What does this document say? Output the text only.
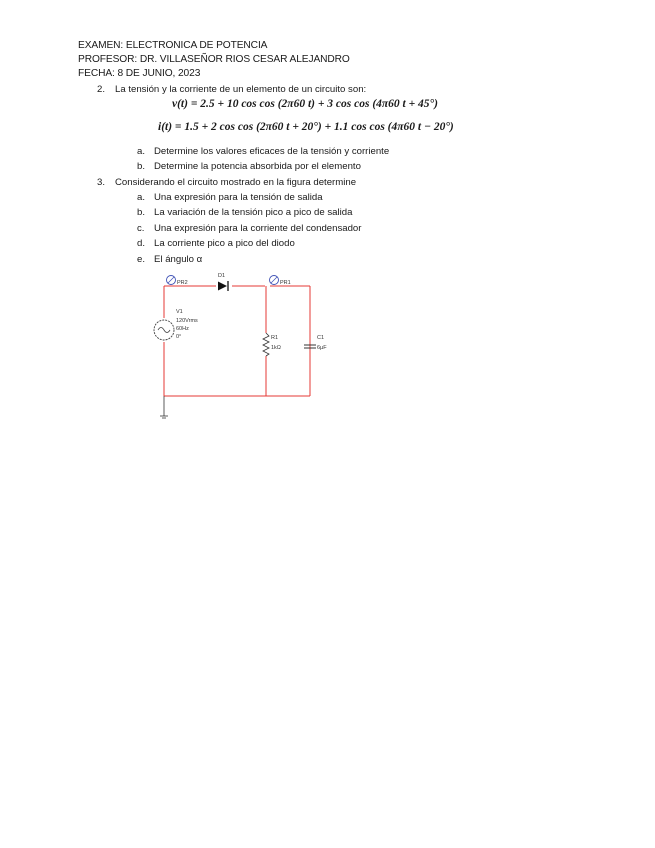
EXAMEN: ELECTRONICA DE POTENCIA
PROFESOR: DR. VILLASEÑOR RIOS CESAR ALEJANDRO
FECHA: 8 DE JUNIO, 2023
2. La tensión y la corriente de un elemento de un circuito son:
v(t) = 2.5 + 10 cos cos (2π60 t) + 3 cos cos (4π60 t + 45°)
i(t) = 1.5 + 2 cos cos (2π60 t + 20°) + 1.1 cos cos (4π60 t − 20°)
a. Determine los valores eficaces de la tensión y corriente
b. Determine la potencia absorbida por el elemento
3. Considerando el circuito mostrado en la figura determine
a. Una expresión para la tensión de salida
b. La variación de la tensión pico a pico de salida
c. Una expresión para la corriente del condensador
d. La corriente pico a pico del diodo
e. El ángulo α
PR2	PR1
D1
V1
120Vrms
60Hz
0°	R1
1kΩ
C1
6µF
